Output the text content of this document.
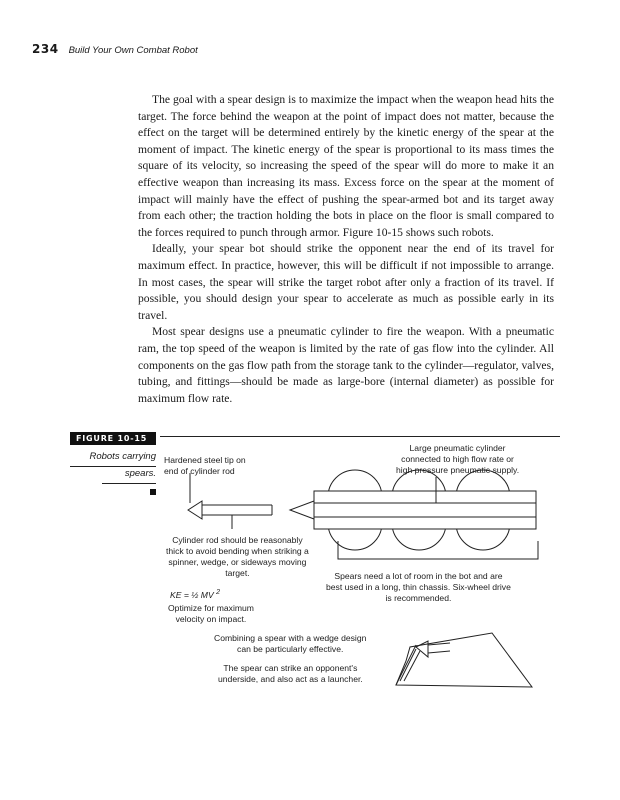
234 Build Your Own Combat Robot

The goal with a spear design is to maximize the impact when the weapon head hits the target. The force behind the weapon at the point of impact does not matter, because the effect on the target will be determined entirely by the kinetic energy of the spear at the moment of impact. The kinetic energy of the spear is proportional to its mass times the square of its velocity, so increasing the speed of the spear will do more to make it an effective weapon than increasing its mass. Excess force on the spear at the moment of impact will mainly have the effect of pushing the spear-armed bot and its target away from each other; the traction holding the bots in place on the floor is small compared to the forces required to punch through armor. Figure 10-15 shows such robots.

Ideally, your spear bot should strike the opponent near the end of its travel for maximum effect. In practice, however, this will be difficult if not impossible to arrange. In most cases, the spear will strike the target robot after only a fraction of its travel. If possible, you should design your spear to accelerate as much as possible early in its travel.

Most spear designs use a pneumatic cylinder to fire the weapon. With a pneumatic ram, the top speed of the weapon is limited by the rate of gas flow into the cylinder. All components on the gas flow path from the storage tank to the cylinder—regulator, valves, tubing, and fittings—should be made as large-bore (internal diameter) as possible for maximum flow rate.

FIGURE 10-15
Robots carrying
spears.
Hardened steel tip on
end of cylinder rod
Large pneumatic cylinder
connected to high flow rate or
high pressure pneumatic supply.
Cylinder rod should be reasonably
thick to avoid bending when striking a
spinner, wedge, or sideways moving
target.
KE = ½ MV $^2$
Optimize for maximum
velocity on impact.
Spears need a lot of room in the bot and are
best used in a long, thin chassis. Six-wheel drive
is recommended.
Combining a spear with a wedge design
can be particularly effective.
The spear can strike an opponent's
underside, and also act as a launcher.
